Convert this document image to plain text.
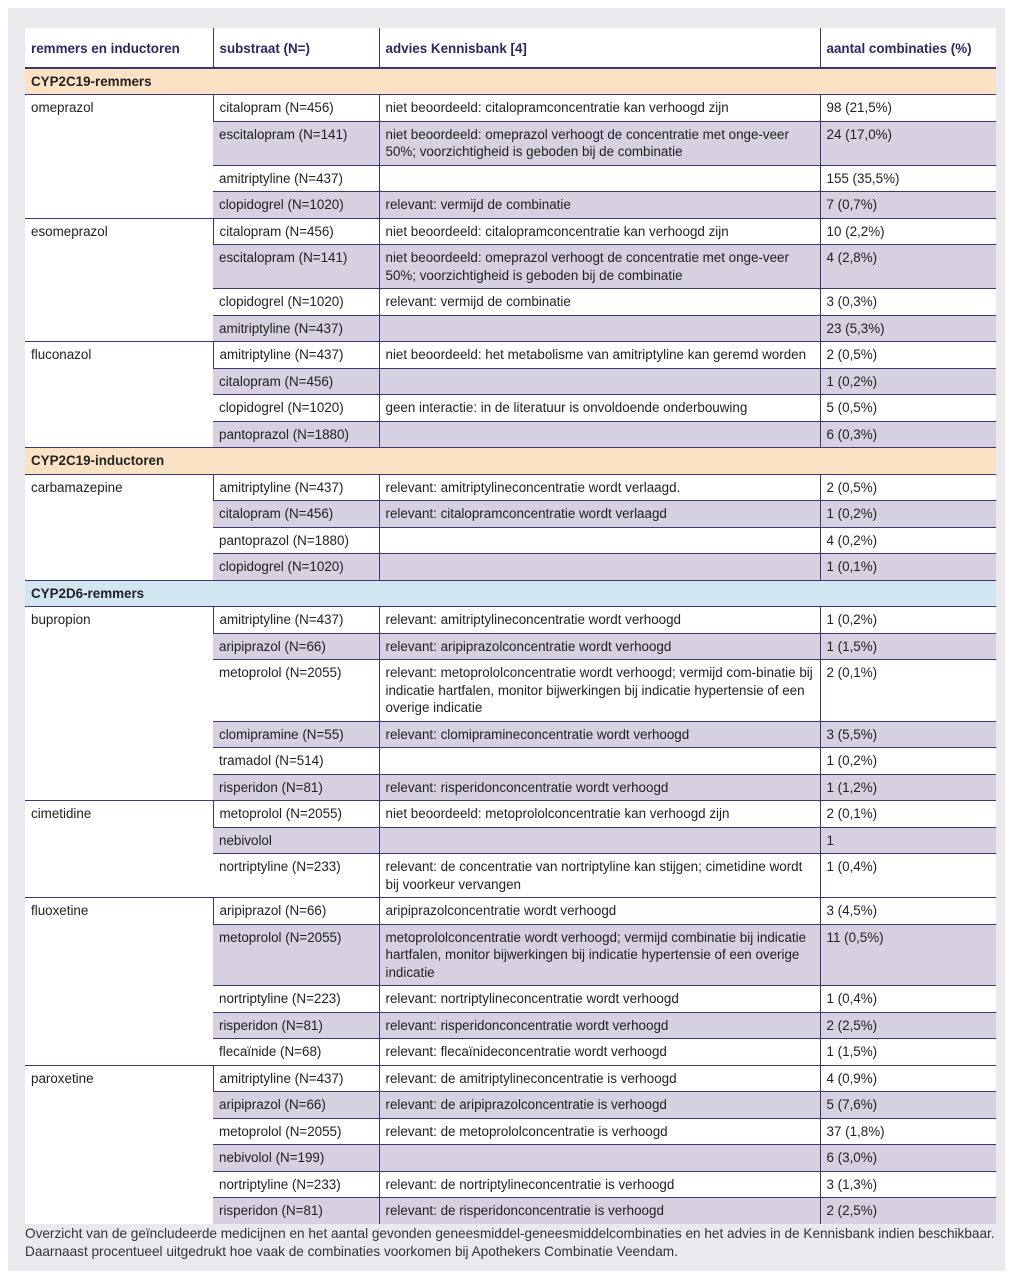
remmers en inductoren	substraat (N=)	advies Kennisbank [4]	aantal combinaties (%)
CYP2C19-remmers			
omeprazol	citalopram (N=456)	niet beoordeeld: citalopramconcentratie kan verhoogd zijn	98 (21,5%)
	escitalopram (N=141)	niet beoordeeld: omeprazol verhoogt de concentratie met onge-veer 50%; voorzichtigheid is geboden bij de combinatie	24 (17,0%)
	amitriptyline (N=437)		155 (35,5%)
	clopidogrel (N=1020)	relevant: vermijd de combinatie	7 (0,7%)
esomeprazol	citalopram (N=456)	niet beoordeeld: citalopramconcentratie kan verhoogd zijn	10 (2,2%)
	escitalopram (N=141)	niet beoordeeld: omeprazol verhoogt de concentratie met onge-veer 50%; voorzichtigheid is geboden bij de combinatie	4 (2,8%)
	clopidogrel (N=1020)	relevant: vermijd de combinatie	3 (0,3%)
	amitriptyline (N=437)		23 (5,3%)
fluconazol	amitriptyline (N=437)	niet beoordeeld: het metabolisme van amitriptyline kan geremd worden	2 (0,5%)
	citalopram (N=456)		1 (0,2%)
	clopidogrel (N=1020)	geen interactie: in de literatuur is onvoldoende onderbouwing	5 (0,5%)
	pantoprazol (N=1880)		6 (0,3%)
CYP2C19-inductoren			
carbamazepine	amitriptyline (N=437)	relevant: amitriptylineconcentratie wordt verlaagd.	2 (0,5%)
	citalopram (N=456)	relevant: citalopramconcentratie wordt verlaagd	1 (0,2%)
	pantoprazol (N=1880)		4 (0,2%)
	clopidogrel (N=1020)		1 (0,1%)
CYP2D6-remmers			
bupropion	amitriptyline (N=437)	relevant: amitriptylineconcentratie wordt verhoogd	1 (0,2%)
	aripiprazol (N=66)	relevant: aripiprazolconcentratie wordt verhoogd	1 (1,5%)
	metoprolol (N=2055)	relevant: metoprololconcentratie wordt verhoogd; vermijd com-binatie bij indicatie hartfalen, monitor bijwerkingen bij indicatie hypertensie of een overige indicatie	2 (0,1%)
	clomipramine (N=55)	relevant: clomipramineconcentratie wordt verhoogd	3 (5,5%)
	tramadol (N=514)		1 (0,2%)
	risperidon (N=81)	relevant: risperidonconcentratie wordt verhoogd	1 (1,2%)
cimetidine	metoprolol (N=2055)	niet beoordeeld: metoprololconcentratie kan verhoogd zijn	2 (0,1%)
	nebivolol		1
	nortriptyline (N=233)	relevant: de concentratie van nortriptyline kan stijgen; cimetidine wordt bij voorkeur vervangen	1 (0,4%)
fluoxetine	aripiprazol (N=66)	aripiprazolconcentratie wordt verhoogd	3 (4,5%)
	metoprolol (N=2055)	metoprololconcentratie wordt verhoogd; vermijd combinatie bij indicatie hartfalen, monitor bijwerkingen bij indicatie hypertensie of een overige indicatie	11 (0,5%)
	nortriptyline (N=223)	relevant: nortriptylineconcentratie wordt verhoogd	1 (0,4%)
	risperidon (N=81)	relevant: risperidonconcentratie wordt verhoogd	2 (2,5%)
	flecaïnide (N=68)	relevant: flecaïnideconcentratie wordt verhoogd	1 (1,5%)
paroxetine	amitriptyline (N=437)	relevant: de amitriptylineconcentratie is verhoogd	4 (0,9%)
	aripiprazol (N=66)	relevant: de aripiprazolconcentratie is verhoogd	5 (7,6%)
	metoprolol (N=2055)	relevant: de metoprololconcentratie is verhoogd	37 (1,8%)
	nebivolol (N=199)		6 (3,0%)
	nortriptyline (N=233)	relevant: de nortriptylineconcentratie is verhoogd	3 (1,3%)
	risperidon (N=81)	relevant: de risperidonconcentratie is verhoogd	2 (2,5%)
Overzicht van de geïncludeerde medicijnen en het aantal gevonden geneesmiddel-geneesmiddelcombinaties en het advies in de Kennisbank indien beschikbaar. Daarnaast procentueel uitgedrukt hoe vaak de combinaties voorkomen bij Apothekers Combinatie Veendam.
